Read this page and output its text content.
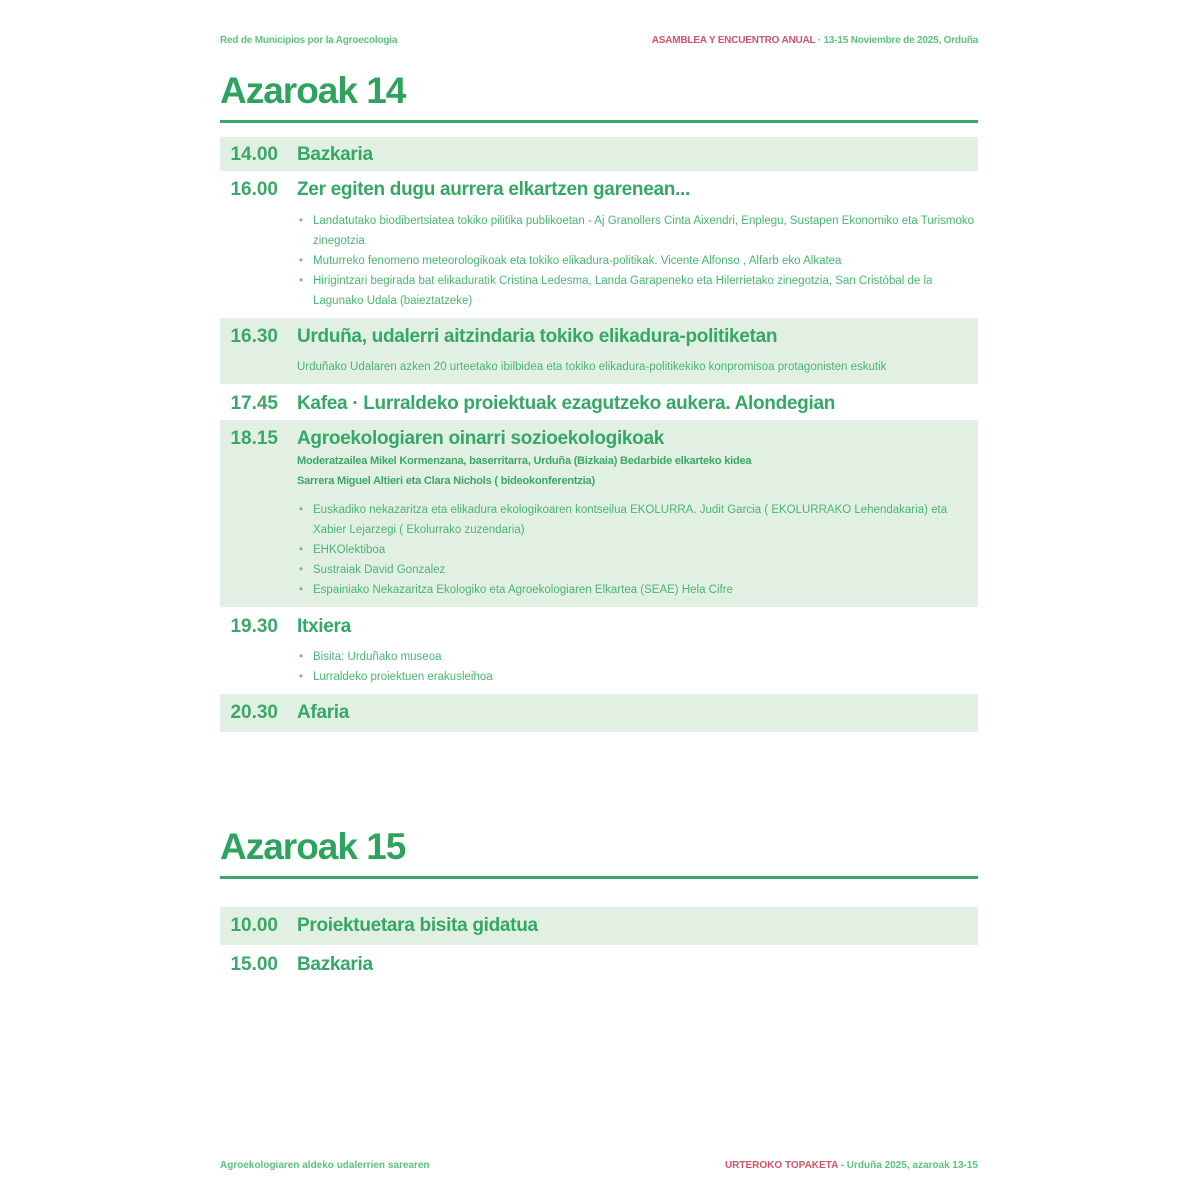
Red de Municipios por la Agroecologia	ASAMBLEA Y ENCUENTRO ANUAL · 13-15 Noviembre de 2025, Orduña
Azaroak 14
14.00 Bazkaria
16.00 Zer egiten dugu aurrera elkartzen garenean...
• Landatutako biodibertsiatea tokiko pilitika publikoetan - Aj Granollers Cinta Aixendri, Enplegu, Sustapen Ekonomiko eta Turismoko zinegotzia
• Muturreko fenomeno meteorologikoak eta tokiko elikadura-politikak. Vicente Alfonso , Alfarb eko Alkatea
• Hirigintzari begirada bat elikaduratik Cristina Ledesma, Landa Garapeneko eta Hilerrietako zinegotzia, San Cristóbal de la Lagunako Udala (baieztatzeke)
16.30 Urduña, udalerri aitzindaria tokiko elikadura-politiketan
Urduñako Udalaren azken 20 urteetako ibilbidea eta tokiko elikadura-politikekiko konpromisoa protagonisten eskutik
17.45 Kafea · Lurraldeko proiektuak ezagutzeko aukera. Alondegian
18.15 Agroekologiaren oinarri sozioekologikoak
Moderatzailea Mikel Kormenzana, baserritarra, Urduña (Bizkaia) Bedarbide elkarteko kidea
Sarrera Miguel Altieri eta Clara Nichols ( bideokonferentzia)
• Euskadiko nekazaritza eta elikadura ekologikoaren kontseilua EKOLURRA. Judit Garcia ( EKOLURRAKO Lehendakaria) eta Xabier Lejarzegi ( Ekolurrako zuzendaria)
• EHKOlektiboa
• Sustraiak David Gonzalez
• Espainiako Nekazaritza Ekologiko eta Agroekologiaren Elkartea (SEAE) Hela Cifre
19.30 Itxiera
• Bisita: Urduñako museoa
• Lurraldeko proiektuen erakusleihoa
20.30 Afaria
Azaroak 15
10.00 Proiektuetara bisita gidatua
15.00 Bazkaria
Agroekologiaren aldeko udalerrien sarearen	URTEROKO TOPAKETA - Urduña 2025, azaroak 13-15
